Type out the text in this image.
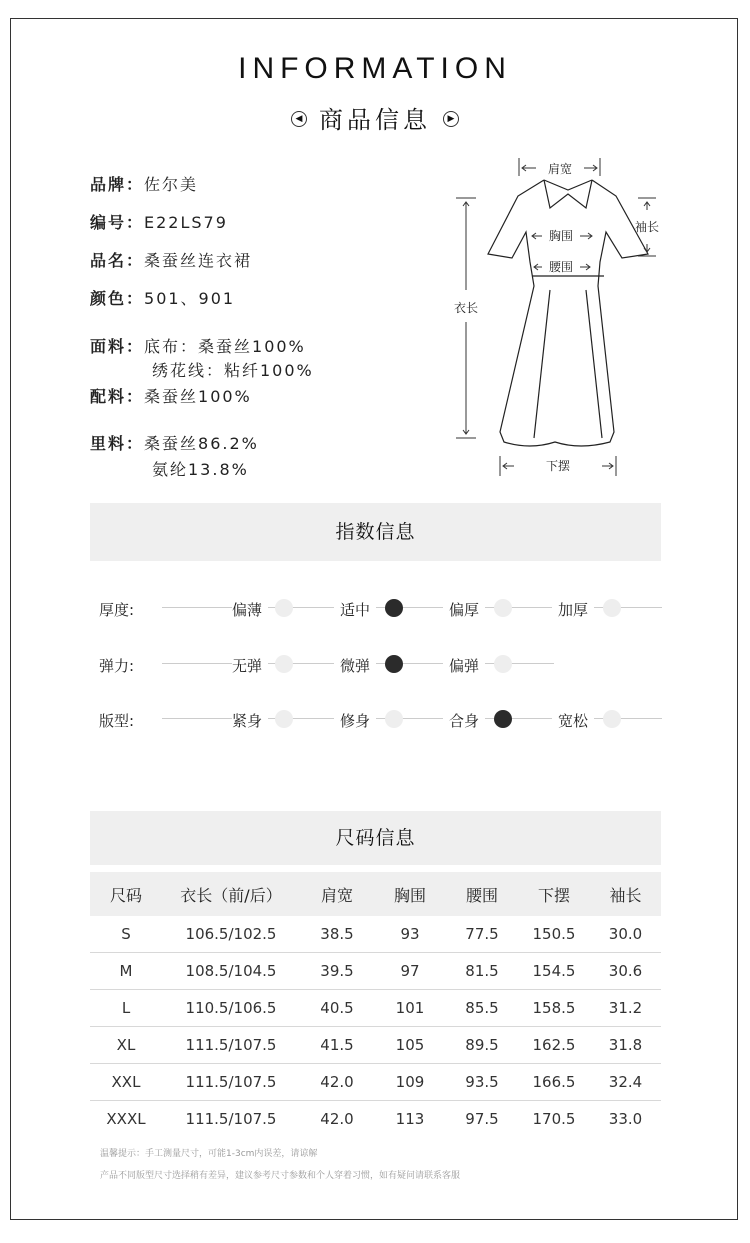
INFORMATION
◀ 商品信息 ▶
品牌：佐尔美
编号：E22LS79
品名：桑蚕丝连衣裙
颜色：501、901
面料：底布：桑蚕丝100%
绣花线：粘纤100%
配料：桑蚕丝100%
里料：桑蚕丝86.2%
氨纶13.8%
肩宽
袖长
胸围
腰围
衣长
下摆
指数信息
厚度:	偏薄	适中	偏厚	加厚
弹力:	无弹	微弹	偏弹
版型:	紧身	修身	合身	宽松
尺码信息
尺码	衣长（前/后）	肩宽	胸围	腰围	下摆	袖长
S	106.5/102.5	38.5	93	77.5	150.5	30.0
M	108.5/104.5	39.5	97	81.5	154.5	30.6
L	110.5/106.5	40.5	101	85.5	158.5	31.2
XL	111.5/107.5	41.5	105	89.5	162.5	31.8
XXL	111.5/107.5	42.0	109	93.5	166.5	32.4
XXXL	111.5/107.5	42.0	113	97.5	170.5	33.0
温馨提示：手工测量尺寸，可能1-3cm内误差，请谅解
产品不同版型尺寸选择稍有差异，建议参考尺寸参数和个人穿着习惯，如有疑问请联系客服
